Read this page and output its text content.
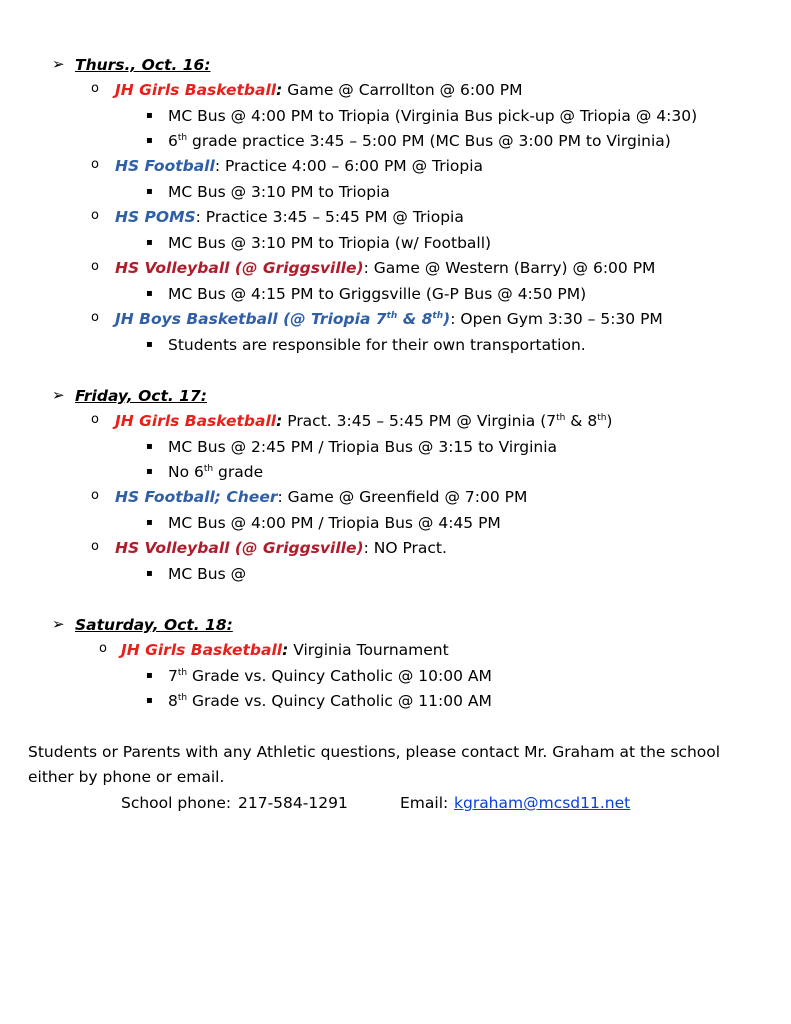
➢ Thurs., Oct. 16:
o JH Girls Basketball: Game @ Carrollton @ 6:00 PM
▪ MC Bus @ 4:00 PM to Triopia (Virginia Bus pick-up @ Triopia @ 4:30)
▪ 6th grade practice 3:45 – 5:00 PM (MC Bus @ 3:00 PM to Virginia)
o HS Football: Practice 4:00 – 6:00 PM @ Triopia
▪ MC Bus @ 3:10 PM to Triopia
o HS POMS: Practice 3:45 – 5:45 PM @ Triopia
▪ MC Bus @ 3:10 PM to Triopia (w/ Football)
o HS Volleyball (@ Griggsville): Game @ Western (Barry) @ 6:00 PM
▪ MC Bus @ 4:15 PM to Griggsville (G-P Bus @ 4:50 PM)
o JH Boys Basketball (@ Triopia 7th & 8th): Open Gym 3:30 – 5:30 PM
▪ Students are responsible for their own transportation.
➢ Friday, Oct. 17:
o JH Girls Basketball: Pract. 3:45 – 5:45 PM @ Virginia (7th & 8th)
▪ MC Bus @ 2:45 PM / Triopia Bus @ 3:15 to Virginia
▪ No 6th grade
o HS Football; Cheer: Game @ Greenfield @ 7:00 PM
▪ MC Bus @ 4:00 PM / Triopia Bus @ 4:45 PM
o HS Volleyball (@ Griggsville): NO Pract.
▪ MC Bus @
➢ Saturday, Oct. 18:
o JH Girls Basketball: Virginia Tournament
▪ 7th Grade vs. Quincy Catholic @ 10:00 AM
▪ 8th Grade vs. Quincy Catholic @ 11:00 AM
Students or Parents with any Athletic questions, please contact Mr. Graham at the school
either by phone or email.
School phone: 217-584-1291	Email: kgraham@mcsd11.net
